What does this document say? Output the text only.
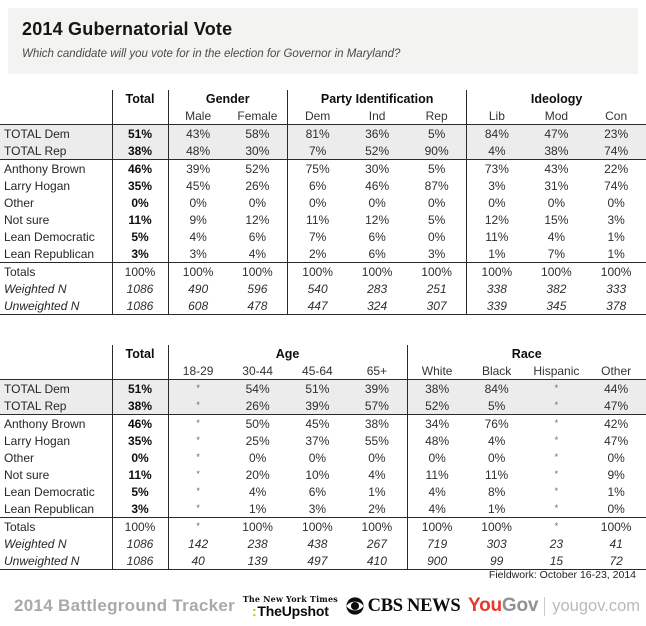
2014 Gubernatorial Vote
Which candidate will you vote for in the election for Governor in Maryland?
	Total	Gender		Party Identification			Ideology		
		Male	Female	Dem	Ind	Rep	Lib	Mod	Con
TOTAL Dem	51%	43%	58%	81%	36%	5%	84%	47%	23%
TOTAL Rep	38%	48%	30%	7%	52%	90%	4%	38%	74%
Anthony Brown	46%	39%	52%	75%	30%	5%	73%	43%	22%
Larry Hogan	35%	45%	26%	6%	46%	87%	3%	31%	74%
Other	0%	0%	0%	0%	0%	0%	0%	0%	0%
Not sure	11%	9%	12%	11%	12%	5%	12%	15%	3%
Lean Democratic	5%	4%	6%	7%	6%	0%	11%	4%	1%
Lean Republican	3%	3%	4%	2%	6%	3%	1%	7%	1%
Totals	100%	100%	100%	100%	100%	100%	100%	100%	100%
Weighted N	1086	490	596	540	283	251	338	382	333
Unweighted N	1086	608	478	447	324	307	339	345	378
	Total	Age				Race			
		18-29	30-44	45-64	65+	White	Black	Hispanic	Other
TOTAL Dem	51%	*	54%	51%	39%	38%	84%	*	44%
TOTAL Rep	38%	*	26%	39%	57%	52%	5%	*	47%
Anthony Brown	46%	*	50%	45%	38%	34%	76%	*	42%
Larry Hogan	35%	*	25%	37%	55%	48%	4%	*	47%
Other	0%	*	0%	0%	0%	0%	0%	*	0%
Not sure	11%	*	20%	10%	4%	11%	11%	*	9%
Lean Democratic	5%	*	4%	6%	1%	4%	8%	*	1%
Lean Republican	3%	*	1%	3%	2%	4%	1%	*	0%
Totals	100%	*	100%	100%	100%	100%	100%	*	100%
Weighted N	1086	142	238	438	267	719	303	23	41
Unweighted N	1086	40	139	497	410	900	99	15	72
Fieldwork: October 16-23, 2014
2014 Battleground Tracker The New York Times
:TheUpshot	CBS NEWS You Gov yougov.com
